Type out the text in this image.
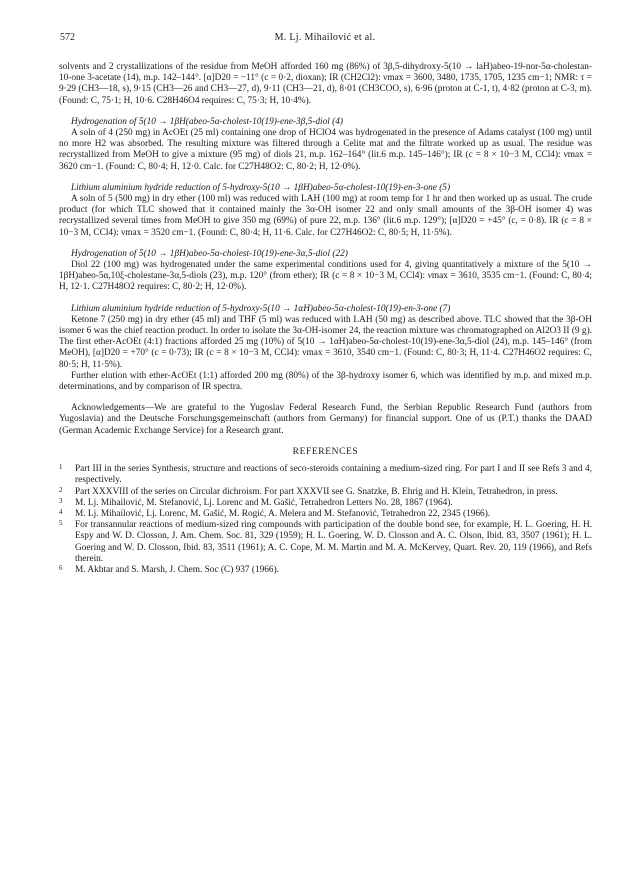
572	M. Lj. Mihailović et al.

solvents and 2 crystallizations of the residue from MeOH afforded 160 mg (86%) of 3β,5-dihydroxy-5(10 → laH)abeo-19-nor-5α-cholestan-10-one 3-acetate (14), m.p. 142–144°. [α]D20 = −11° (c = 0·2, dioxan); IR (CH2Cl2): νmax = 3600, 3480, 1735, 1705, 1235 cm−1; NMR: τ = 9·29 (CH3—18, s), 9·15 (CH3—26 and CH3—27, d), 9·11 (CH3—21, d), 8·01 (CH3COO, s), 6·96 (proton at C-1, t), 4·82 (proton at C-3, m). (Found: C, 75·1; H, 10·6. C28H46O4 requires: C, 75·3; H, 10·4%).

Hydrogenation of 5(10 → 1βH(abeo-5α-cholest-10(19)-ene-3β,5-diol (4)

A soln of 4 (250 mg) in AcOEt (25 ml) containing one drop of HClO4 was hydrogenated in the presence of Adams catalyst (100 mg) until no more H2 was absorbed. The resulting mixture was filtered through a Celite mat and the filtrate worked up as usual. The residue was recrystallized from MeOH to give a mixture (95 mg) of diols 21, m.p. 162–164° (lit.6 m.p. 145–146°); IR (c = 8 × 10−3 M, CCl4): νmax = 3620 cm−1. (Found: C, 80·4; H, 12·0. Calc. for C27H48O2: C, 80·2; H, 12·0%).

Lithium aluminium hydride reduction of 5-hydroxy-5(10 → 1βH)abeo-5α-cholest-10(19)-en-3-one (5)

A soln of 5 (500 mg) in dry ether (100 ml) was reduced with LAH (100 mg) at room temp for 1 hr and then worked up as usual. The crude product (for which TLC showed that it contained mainly the 3α-OH isomer 22 and only small amounts of the 3β-OH isomer 4) was recrystallized several times from MeOH to give 350 mg (69%) of pure 22, m.p. 136° (lit.6 m.p. 129°); [α]D20 = +45° (c, = 0·8). IR (c = 8 × 10−3 M, CCl4): νmax = 3520 cm−1. (Found: C, 80·4; H, 11·6. Calc. for C27H46O2: C, 80·5; H, 11·5%).

Hydrogenation of 5(10 → 1βH)abeo-5α-cholest-10(19)-ene-3α,5-diol (22)

Diol 22 (100 mg) was hydrogenated under the same experimental conditions used for 4, giving quantitatively a mixture of the 5(10 → 1βH)abeo-5α,10ξ-cholestane-3α,5-diols (23), m.p. 120° (from ether); IR (c = 8 × 10−3 M, CCl4): νmax = 3610, 3535 cm−1. (Found: C, 80·4; H, 12·1. C27H48O2 requires: C, 80·2; H, 12·0%).

Lithium aluminium hydride reduction of 5-hydroxy-5(10 → 1αH)abeo-5α-cholest-10(19)-en-3-one (7)

Ketone 7 (250 mg) in dry ether (45 ml) and THF (5 ml) was reduced with LAH (50 mg) as described above. TLC showed that the 3β-OH isomer 6 was the chief reaction product. In order to isolate the 3α-OH-isomer 24, the reaction mixture was chromatographed on Al2O3 II (9 g). The first ether-AcOEt (4:1) fractions afforded 25 mg (10%) of 5(10 → 1αH)abeo-5α-cholest-10(19)-ene-3α,5-diol (24), m.p. 145–146° (from MeOH), [α]D20 = +70° (c = 0·73); IR (c = 8 × 10−3 M, CCl4): νmax = 3610, 3540 cm−1. (Found: C, 80·3; H, 11·4. C27H46O2 requires: C, 80·5; H, 11·5%).

Further elution with ether-AcOEt (1:1) afforded 200 mg (80%) of the 3β-hydroxy isomer 6, which was identified by m.p. and mixed m.p. determinations, and by comparison of IR spectra.

Acknowledgements—We are grateful to the Yugoslav Federal Research Fund, the Serbian Republic Research Fund (authors from Yugoslavia) and the Deutsche Forschungsgemeinschaft (authors from Germany) for financial support. One of us (P.T.) thanks the DAAD (German Academic Exchange Service) for a Research grant.

REFERENCES
1 Part III in the series Synthesis, structure and reactions of seco-steroids containing a medium-sized ring. For part I and II see Refs 3 and 4, respectively.
2 Part XXXVIII of the series on Circular dichroism. For part XXXVII see G. Snatzke, B. Ehrig and H. Klein, Tetrahedron, in press.
3 M. Lj. Mihailović, M. Stefanović, Lj. Lorenc and M. Gašić, Tetrahedron Letters No. 28, 1867 (1964).
4 M. Lj. Mihailović, Lj. Lorenc, M. Gašić, M. Rogić, A. Melera and M. Stefanović, Tetrahedron 22, 2345 (1966).
5 For transannular reactions of medium-sized ring compounds with participation of the double bond see, for example, H. L. Goering, H. H. Espy and W. D. Closson, J. Am. Chem. Soc. 81, 329 (1959); H. L. Goering, W. D. Closson and A. C. Olson, Ibid. 83, 3507 (1961); H. L. Goering and W. D. Closson, Ibid. 83, 3511 (1961); A. C. Cope, M. M. Martin and M. A. McKervey, Quart. Rev. 20, 119 (1966), and Refs therein.
6 M. Akhtar and S. Marsh, J. Chem. Soc (C) 937 (1966).
